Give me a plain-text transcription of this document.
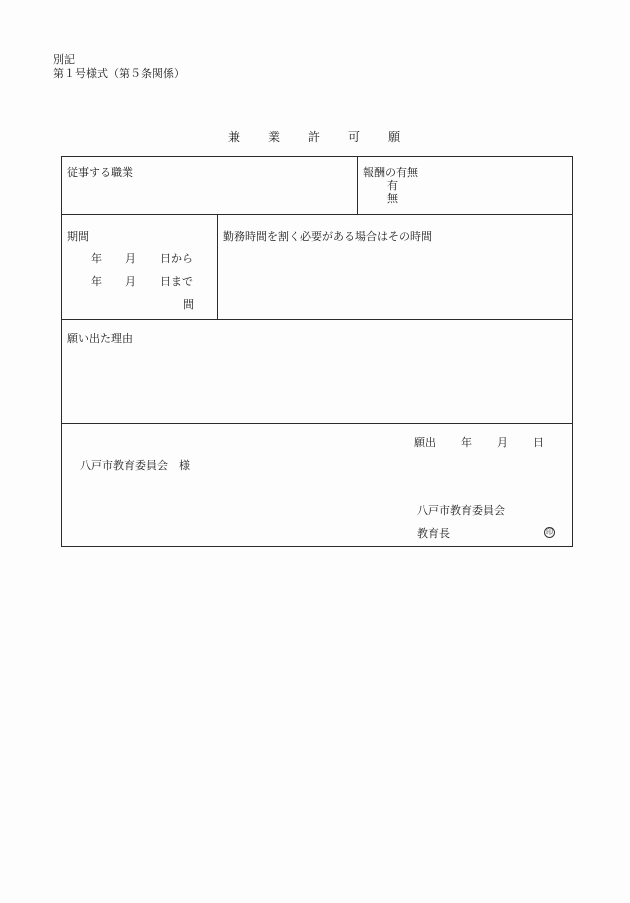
別記
第１号様式（第５条関係）
兼 業 許 可 願
従事する職業	報酬の有無
有
無
期間
年 月 日から
年 月 日まで
間
勤務時間を割く必要がある場合はその時間
願い出た理由
願出 年 月 日
八戸市教育委員会　様
八戸市教育委員会
教育長	印
